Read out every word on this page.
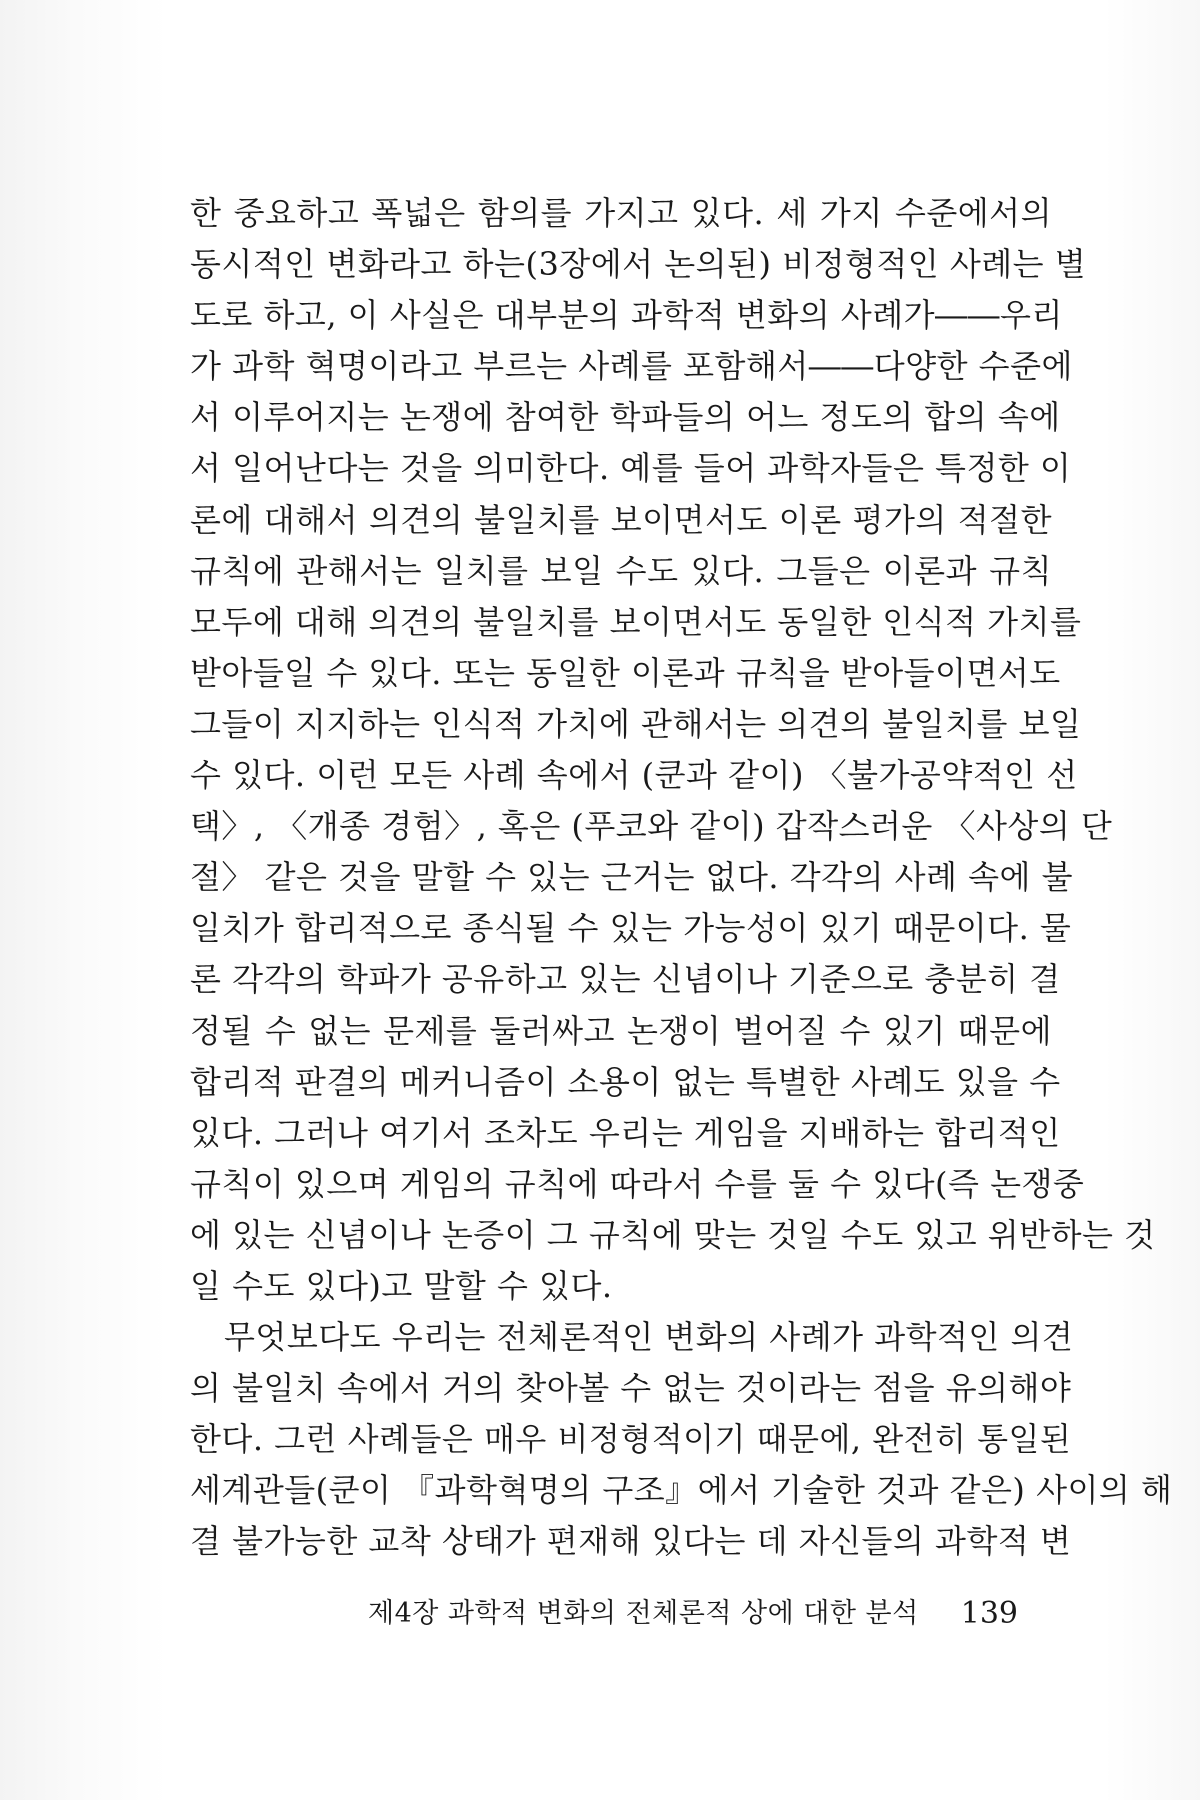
한 중요하고 폭넓은 함의를 가지고 있다. 세 가지 수준에서의
동시적인 변화라고 하는(3장에서 논의된) 비정형적인 사례는 별
도로 하고, 이 사실은 대부분의 과학적 변화의 사례가――우리
가 과학 혁명이라고 부르는 사례를 포함해서――다양한 수준에
서 이루어지는 논쟁에 참여한 학파들의 어느 정도의 합의 속에
서 일어난다는 것을 의미한다. 예를 들어 과학자들은 특정한 이
론에 대해서 의견의 불일치를 보이면서도 이론 평가의 적절한
규칙에 관해서는 일치를 보일 수도 있다. 그들은 이론과 규칙
모두에 대해 의견의 불일치를 보이면서도 동일한 인식적 가치를
받아들일 수 있다. 또는 동일한 이론과 규칙을 받아들이면서도
그들이 지지하는 인식적 가치에 관해서는 의견의 불일치를 보일
수 있다. 이런 모든 사례 속에서 (쿤과 같이) 〈불가공약적인 선
택〉, 〈개종 경험〉, 혹은 (푸코와 같이) 갑작스러운 〈사상의 단
절〉 같은 것을 말할 수 있는 근거는 없다. 각각의 사례 속에 불
일치가 합리적으로 종식될 수 있는 가능성이 있기 때문이다. 물
론 각각의 학파가 공유하고 있는 신념이나 기준으로 충분히 결
정될 수 없는 문제를 둘러싸고 논쟁이 벌어질 수 있기 때문에
합리적 판결의 메커니즘이 소용이 없는 특별한 사례도 있을 수
있다. 그러나 여기서 조차도 우리는 게임을 지배하는 합리적인
규칙이 있으며 게임의 규칙에 따라서 수를 둘 수 있다(즉 논쟁중
에 있는 신념이나 논증이 그 규칙에 맞는 것일 수도 있고 위반하는 것
일 수도 있다)고 말할 수 있다.
무엇보다도 우리는 전체론적인 변화의 사례가 과학적인 의견
의 불일치 속에서 거의 찾아볼 수 없는 것이라는 점을 유의해야
한다. 그런 사례들은 매우 비정형적이기 때문에, 완전히 통일된
세계관들(쿤이 『과학혁명의 구조』에서 기술한 것과 같은) 사이의 해
결 불가능한 교착 상태가 편재해 있다는 데 자신들의 과학적 변
제4장 과학적 변화의 전체론적 상에 대한 분석 139
